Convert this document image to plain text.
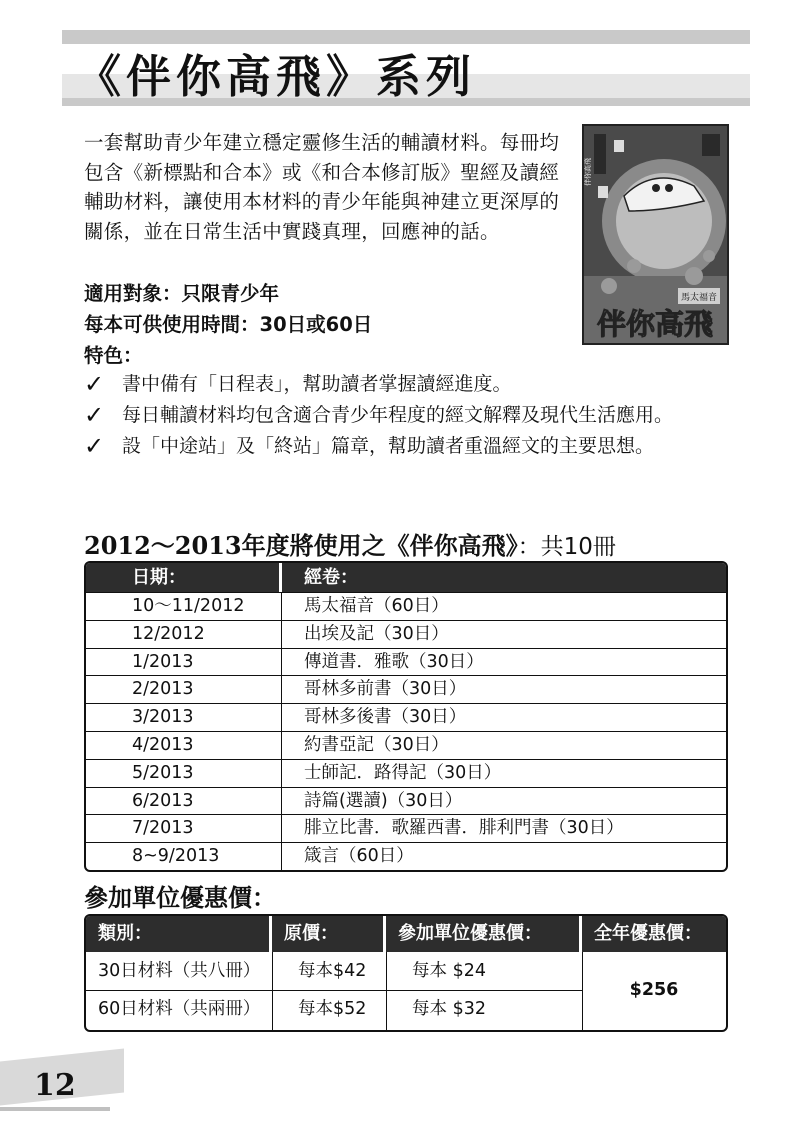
《伴你高飛》系列
一套幫助青少年建立穩定靈修生活的輔讀材料。每冊均包含《新標點和合本》或《和合本修訂版》聖經及讀經輔助材料，讓使用本材料的青少年能與神建立更深厚的關係，並在日常生活中實踐真理，回應神的話。
馬太福音
伴你高飛
伴你高飛
適用對象：只限青少年
每本可供使用時間：30日或60日
特色：
✓ 書中備有「日程表」，幫助讀者掌握讀經進度。
✓ 每日輔讀材料均包含適合青少年程度的經文解釋及現代生活應用。
✓ 設「中途站」及「終站」篇章，幫助讀者重溫經文的主要思想。
2012～2013年度將使用之《伴你高飛》：共10冊
日期：	經卷：
10～11/2012	馬太福音（60日）
12/2012	出埃及記（30日）
1/2013	傳道書．雅歌（30日）
2/2013	哥林多前書（30日）
3/2013	哥林多後書（30日）
4/2013	約書亞記（30日）
5/2013	士師記．路得記（30日）
6/2013	詩篇(選讀)（30日）
7/2013	腓立比書．歌羅西書．腓利門書（30日）
8~9/2013	箴言（60日）
參加單位優惠價：
類別：	原價：	參加單位優惠價：	全年優惠價：
30日材料（共八冊）	每本$42	每本 $24
60日材料（共兩冊）	每本$52	每本 $32
$256
12
